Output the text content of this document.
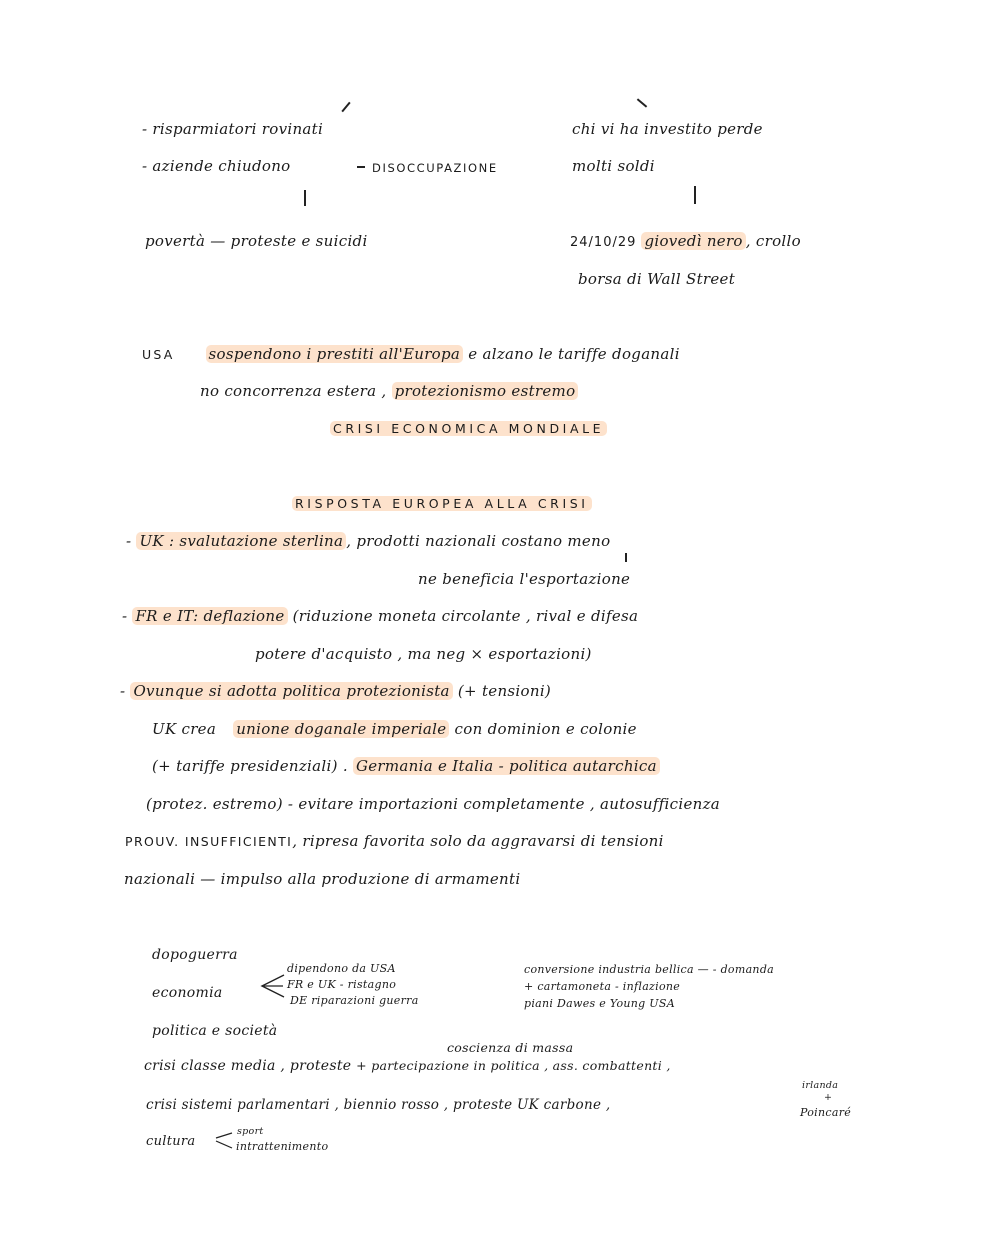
- risparmiatori rovinati
- aziende chiudono	DISOCCUPAZIONE
povertà — proteste e suicidi
chi vi ha investito perde
molti soldi
24/10/29 giovedì nero , crollo
borsa di Wall Street
USA sospendono i prestiti all'Europa e alzano le tariffe doganali
no concorrenza estera , protezionismo estremo
CRISI ECONOMICA MONDIALE
RISPOSTA EUROPEA ALLA CRISI
- UK : svalutazione sterlina , prodotti nazionali costano meno
ne beneficia l'esportazione
- FR e IT: deflazione (riduzione moneta circolante , rival e difesa
potere d'acquisto , ma neg × esportazioni)
- Ovunque si adotta politica protezionista (+ tensioni)
UK crea unione doganale imperiale con dominion e colonie
(+ tariffe presidenziali) . Germania e Italia - politica autarchica
(protez. estremo) - evitare importazioni completamente , autosufficienza
PROUV. INSUFFICIENTI, ripresa favorita solo da aggravarsi di tensioni
nazionali — impulso alla produzione di armamenti
dopoguerra
economia
dipendono da USA
FR e UK - ristagno
DE riparazioni guerra
conversione industria bellica — - domanda
+ cartamoneta - inflazione
piani Dawes e Young USA
politica e società
coscienza di massa
crisi classe media , proteste + partecipazione in politica , ass. combattenti ,
irlanda
+
crisi sistemi parlamentari , biennio rosso , proteste UK carbone ,	Poincaré
cultura
sport
intrattenimento
